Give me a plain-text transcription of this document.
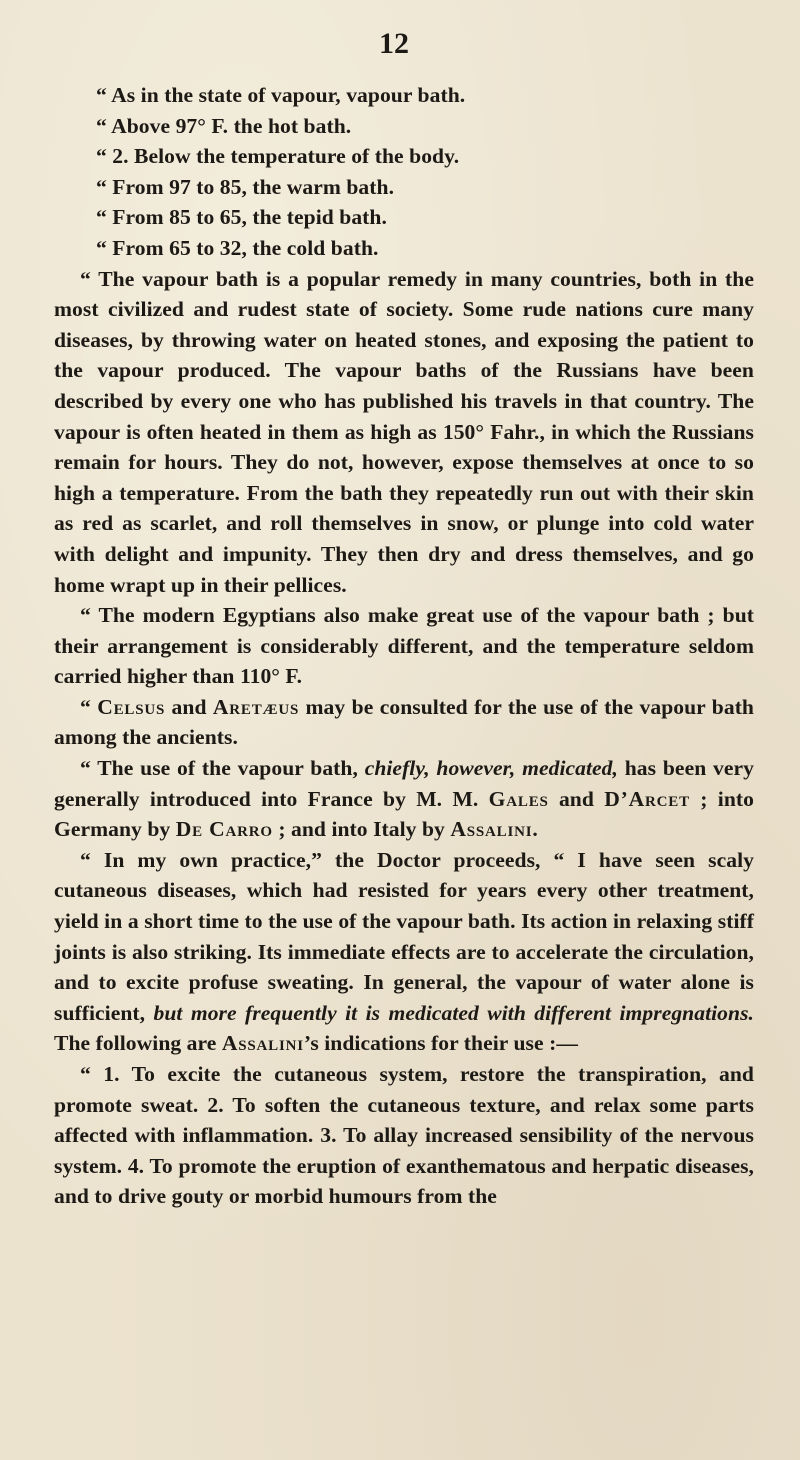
12

“ As in the state of vapour, vapour bath.

“ Above 97° F. the hot bath.

“ 2. Below the temperature of the body.

“ From 97 to 85, the warm bath.

“ From 85 to 65, the tepid bath.

“ From 65 to 32, the cold bath.

“ The vapour bath is a popular remedy in many countries, both in the most civilized and rudest state of society. Some rude nations cure many diseases, by throwing water on heated stones, and exposing the patient to the vapour produced. The vapour baths of the Russians have been described by every one who has published his travels in that country. The vapour is often heated in them as high as 150° Fahr., in which the Russians remain for hours. They do not, however, expose themselves at once to so high a temperature. From the bath they repeatedly run out with their skin as red as scarlet, and roll themselves in snow, or plunge into cold water with delight and impunity. They then dry and dress themselves, and go home wrapt up in their pellices.

“ The modern Egyptians also make great use of the vapour bath ; but their arrangement is considerably different, and the temperature seldom carried higher than 110° F.

“ Celsus and Aretæus may be consulted for the use of the vapour bath among the ancients.

“ The use of the vapour bath, chiefly, however, medicated, has been very generally introduced into France by M. M. Gales and D’Arcet ; into Germany by De Carro ; and into Italy by Assalini.

“ In my own practice,” the Doctor proceeds, “ I have seen scaly cutaneous diseases, which had resisted for years every other treatment, yield in a short time to the use of the vapour bath. Its action in relaxing stiff joints is also striking. Its immediate effects are to accelerate the circulation, and to excite profuse sweating. In general, the vapour of water alone is sufficient, but more frequently it is medicated with different impregnations. The following are Assalini’s indications for their use :—

“ 1. To excite the cutaneous system, restore the transpiration, and promote sweat. 2. To soften the cutaneous texture, and relax some parts affected with inflammation. 3. To allay increased sensibility of the nervous system. 4. To promote the eruption of exanthematous and herpatic diseases, and to drive gouty or morbid humours from the
